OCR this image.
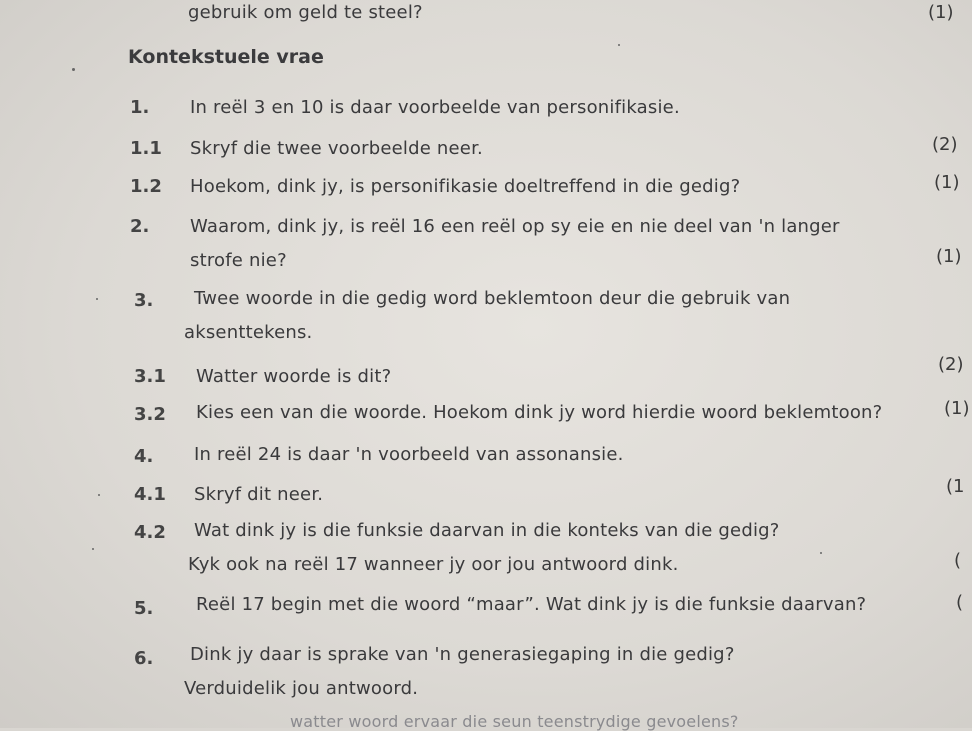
gebruik om geld te steel?	(1)
Kontekstuele vrae
1. In reël 3 en 10 is daar voorbeelde van personifikasie.
1.1 Skryf die twee voorbeelde neer.	(2)
1.2 Hoekom, dink jy, is personifikasie doeltreffend in die gedig?	(1)
2. Waarom, dink jy, is reël 16 een reël op sy eie en nie deel van 'n langer
strofe nie?	(1)
3. Twee woorde in die gedig word beklemtoon deur die gebruik van
aksenttekens.
3.1 Watter woorde is dit?
(2)
3.2 Kies een van die woorde. Hoekom dink jy word hierdie woord beklemtoon?	(1)
4. In reël 24 is daar 'n voorbeeld van assonansie.
4.1 Skryf dit neer.	(1
4.2 Wat dink jy is die funksie daarvan in die konteks van die gedig?
Kyk ook na reël 17 wanneer jy oor jou antwoord dink.	(
5. Reël 17 begin met die woord “maar”. Wat dink jy is die funksie daarvan?	(
6. Dink jy daar is sprake van 'n generasiegaping in die gedig?
Verduidelik jou antwoord.
watter woord ervaar die seun teenstrydige gevoelens?
